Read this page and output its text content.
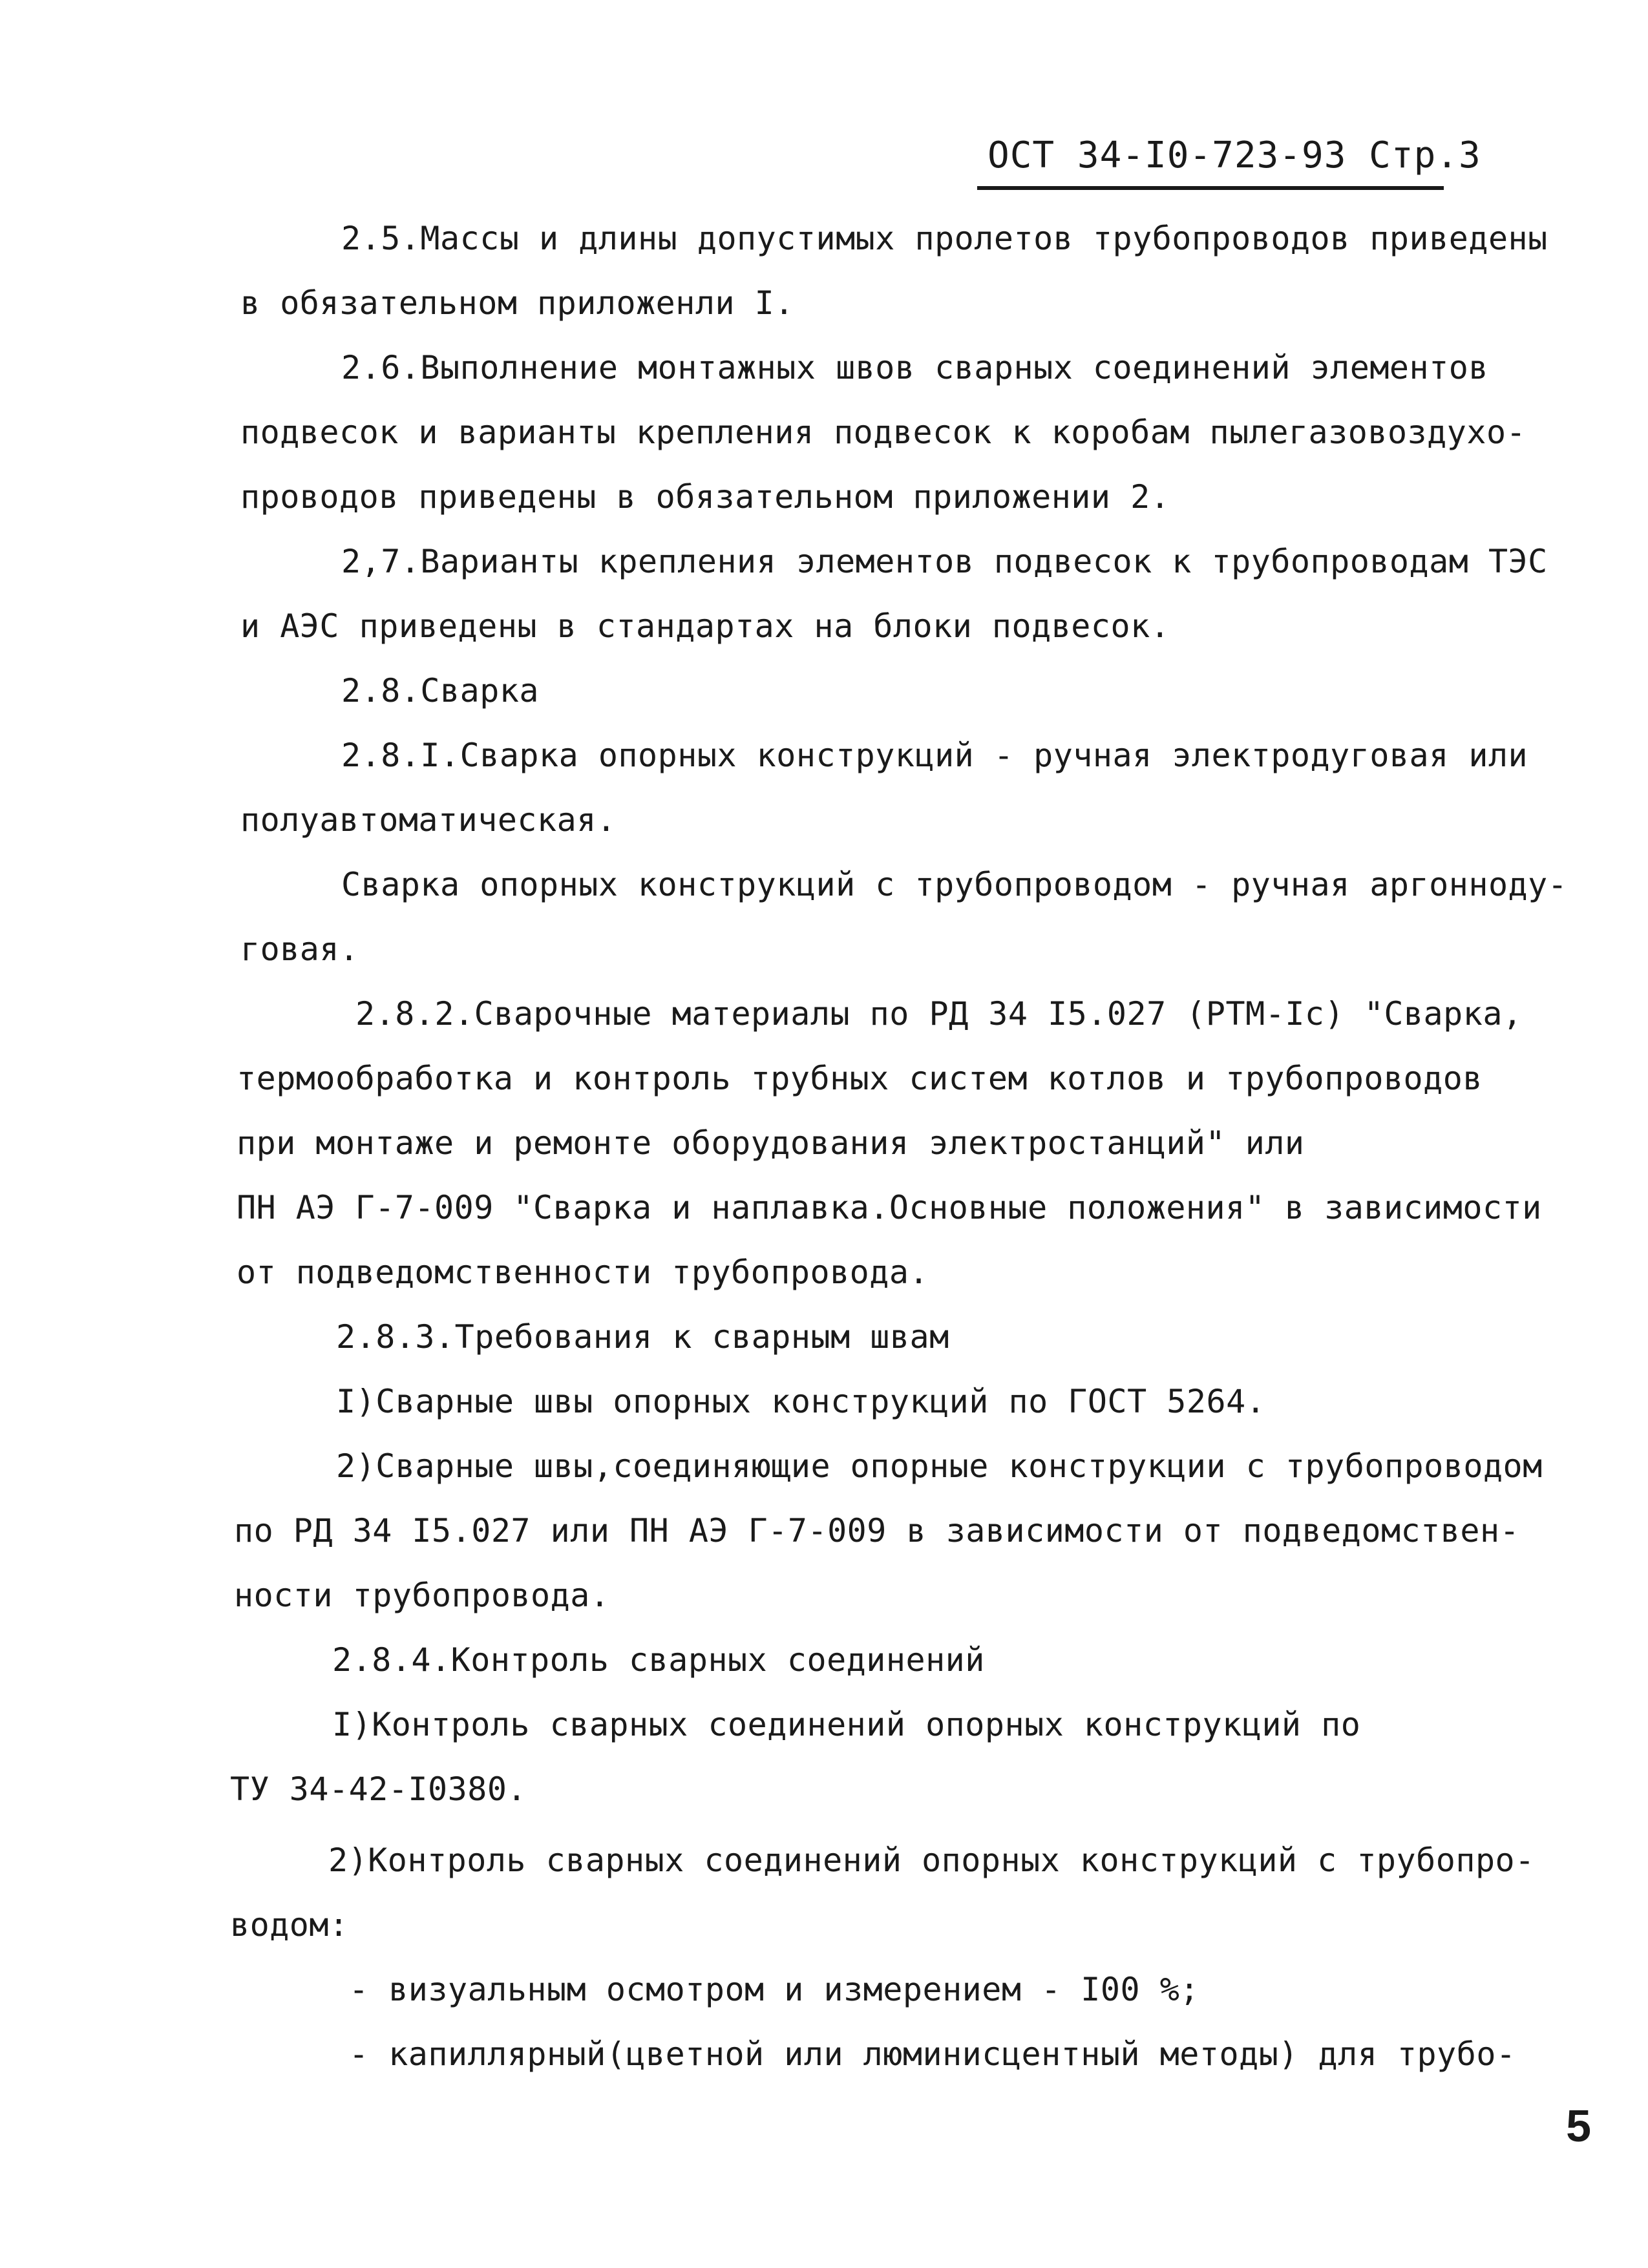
ОСТ 34-I0-723-93 Стр.3
2.5.Массы и длины допустимых пролетов трубопроводов приведены
в обязательном приложенли I.
2.6.Выполнение монтажных швов сварных соединений элементов
подвесок и варианты крепления подвесок к коробам пылегазовоздухо-
проводов приведены в обязательном приложении 2.
2,7.Варианты крепления элементов подвесок к трубопроводам ТЭС
и АЭС приведены в стандартах на блоки подвесок.
2.8.Сварка
2.8.I.Сварка опорных конструкций - ручная электродуговая или
полуавтоматическая.
Сварка опорных конструкций с трубопроводом - ручная аргонноду-
говая.
2.8.2.Сварочные материалы по РД 34 I5.027 (РТМ-Iс) "Сварка,
термообработка и контроль трубных систем котлов и трубопроводов
при монтаже и ремонте оборудования электростанций" или
ПН АЭ Г-7-009 "Сварка и наплавка.Основные положения" в зависимости
от подведомственности трубопровода.
2.8.3.Требования к сварным швам
I)Сварные швы опорных конструкций по ГОСТ 5264.
2)Сварные швы,соединяющие опорные конструкции с трубопроводом
по РД 34 I5.027 или ПН АЭ Г-7-009 в зависимости от подведомствен-
ности трубопровода.
2.8.4.Контроль сварных соединений
I)Контроль сварных соединений опорных конструкций по
ТУ 34-42-I0380.
2)Контроль сварных соединений опорных конструкций с трубопро-
водом:
- визуальным осмотром и измерением - I00 %;
- капиллярный(цветной или люминисцентный методы) для трубо-
5
